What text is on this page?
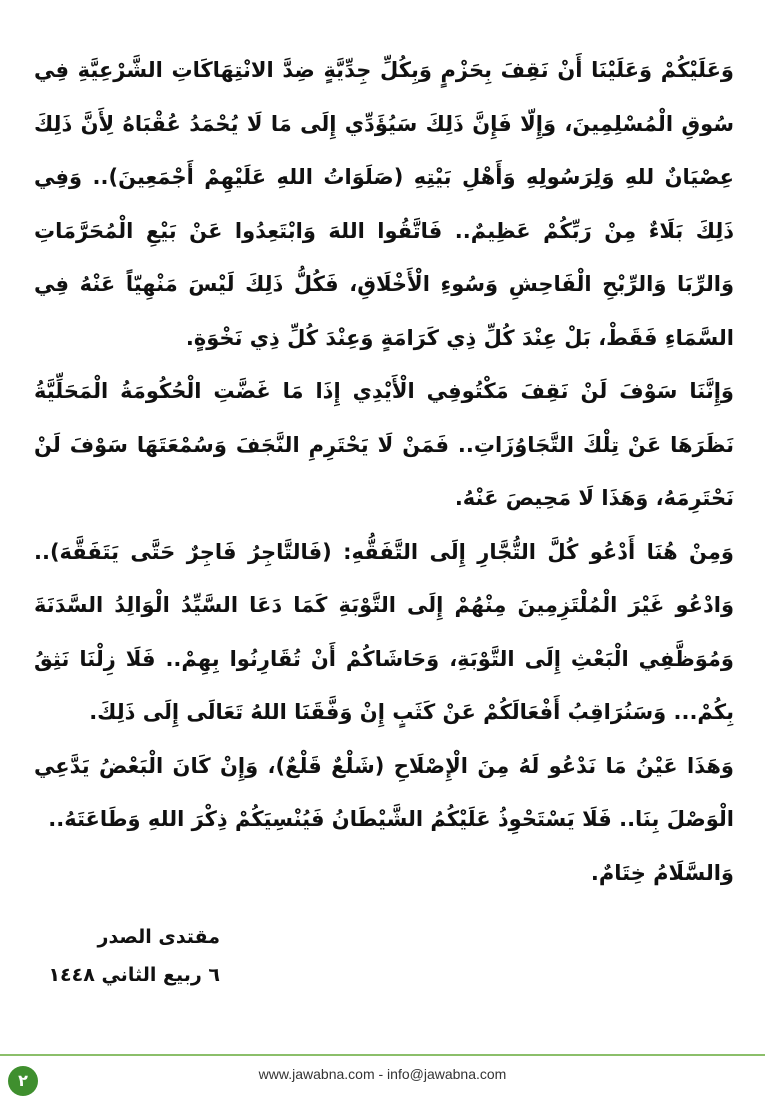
وَعَلَيْكُمْ وَعَلَيْنَا أَنْ نَقِفَ بِحَزْمٍ وَبِكُلِّ جِدِّيَّةٍ ضِدَّ الانْتِهَاكَاتِ الشَّرْعِيَّةِ فِي سُوقِ الْمُسْلِمِينَ، وَإِلّا فَإِنَّ ذَلِكَ سَيُؤَدِّي إِلَى مَا لَا يُحْمَدُ عُقْبَاهُ لِأَنَّ ذَلِكَ عِصْيَانٌ للهِ وَلِرَسُولِهِ وَأَهْلِ بَيْتِهِ (صَلَوَاتُ اللهِ عَلَيْهِمْ أَجْمَعِينَ).. وَفِي ذَلِكَ بَلَاءٌ مِنْ رَبِّكُمْ عَظِيمٌ.. فَاتَّقُوا اللهَ وَابْتَعِدُوا عَنْ بَيْعِ الْمُحَرَّمَاتِ وَالرِّبَا وَالرِّبْحِ الْفَاحِشِ وَسُوءِ الْأَخْلَاقِ، فَكُلُّ ذَلِكَ لَيْسَ مَنْهِيّاً عَنْهُ فِي السَّمَاءِ فَقَطْ، بَلْ عِنْدَ كُلِّ ذِي كَرَامَةٍ وَعِنْدَ كُلِّ ذِي نَخْوَةٍ.

وَإِنَّنَا سَوْفَ لَنْ نَقِفَ مَكْتُوفِي الْأَيْدِي إِذَا مَا غَضَّتِ الْحُكُومَةُ الْمَحَلِّيَّةُ نَظَرَهَا عَنْ تِلْكَ التَّجَاوُزَاتِ.. فَمَنْ لَا يَحْتَرِمِ النَّجَفَ وَسُمْعَتَهَا سَوْفَ لَنْ نَحْتَرِمَهُ، وَهَذَا لَا مَحِيصَ عَنْهُ.

وَمِنْ هُنَا أَدْعُو كُلَّ التُّجَّارِ إِلَى التَّفَقُّهِ: (فَالتَّاجِرُ فَاجِرٌ حَتَّى يَتَفَقَّهَ).. وَادْعُو غَيْرَ الْمُلْتَزِمِينَ مِنْهُمْ إِلَى التَّوْبَةِ كَمَا دَعَا السَّيِّدُ الْوَالِدُ السَّدَنَةَ وَمُوَظَّفِي الْبَعْثِ إِلَى التَّوْبَةِ، وَحَاشَاكُمْ أَنْ تُقَارِنُوا بِهِمْ.. فَلَا زِلْنَا نَثِقُ بِكُمْ... وَسَنُرَاقِبُ أَفْعَالَكُمْ عَنْ كَثَبٍ إِنْ وَفَّقَنَا اللهُ تَعَالَى إِلَى ذَلِكَ.

وَهَذَا عَيْنُ مَا نَدْعُو لَهُ مِنَ الْإِصْلَاحِ (شَلْعٌ قَلْعٌ)، وَإِنْ كَانَ الْبَعْضُ يَدَّعِي الْوَصْلَ بِنَا.. فَلَا يَسْتَحْوِذُ عَلَيْكُمُ الشَّيْطَانُ فَيُنْسِيَكُمْ ذِكْرَ اللهِ وَطَاعَتَهُ..

وَالسَّلَامُ خِتَامٌ.

مقتدى الصدر
٦ ربيع الثاني ١٤٤٨
www.jawabna.com - info@jawabna.com
٢
